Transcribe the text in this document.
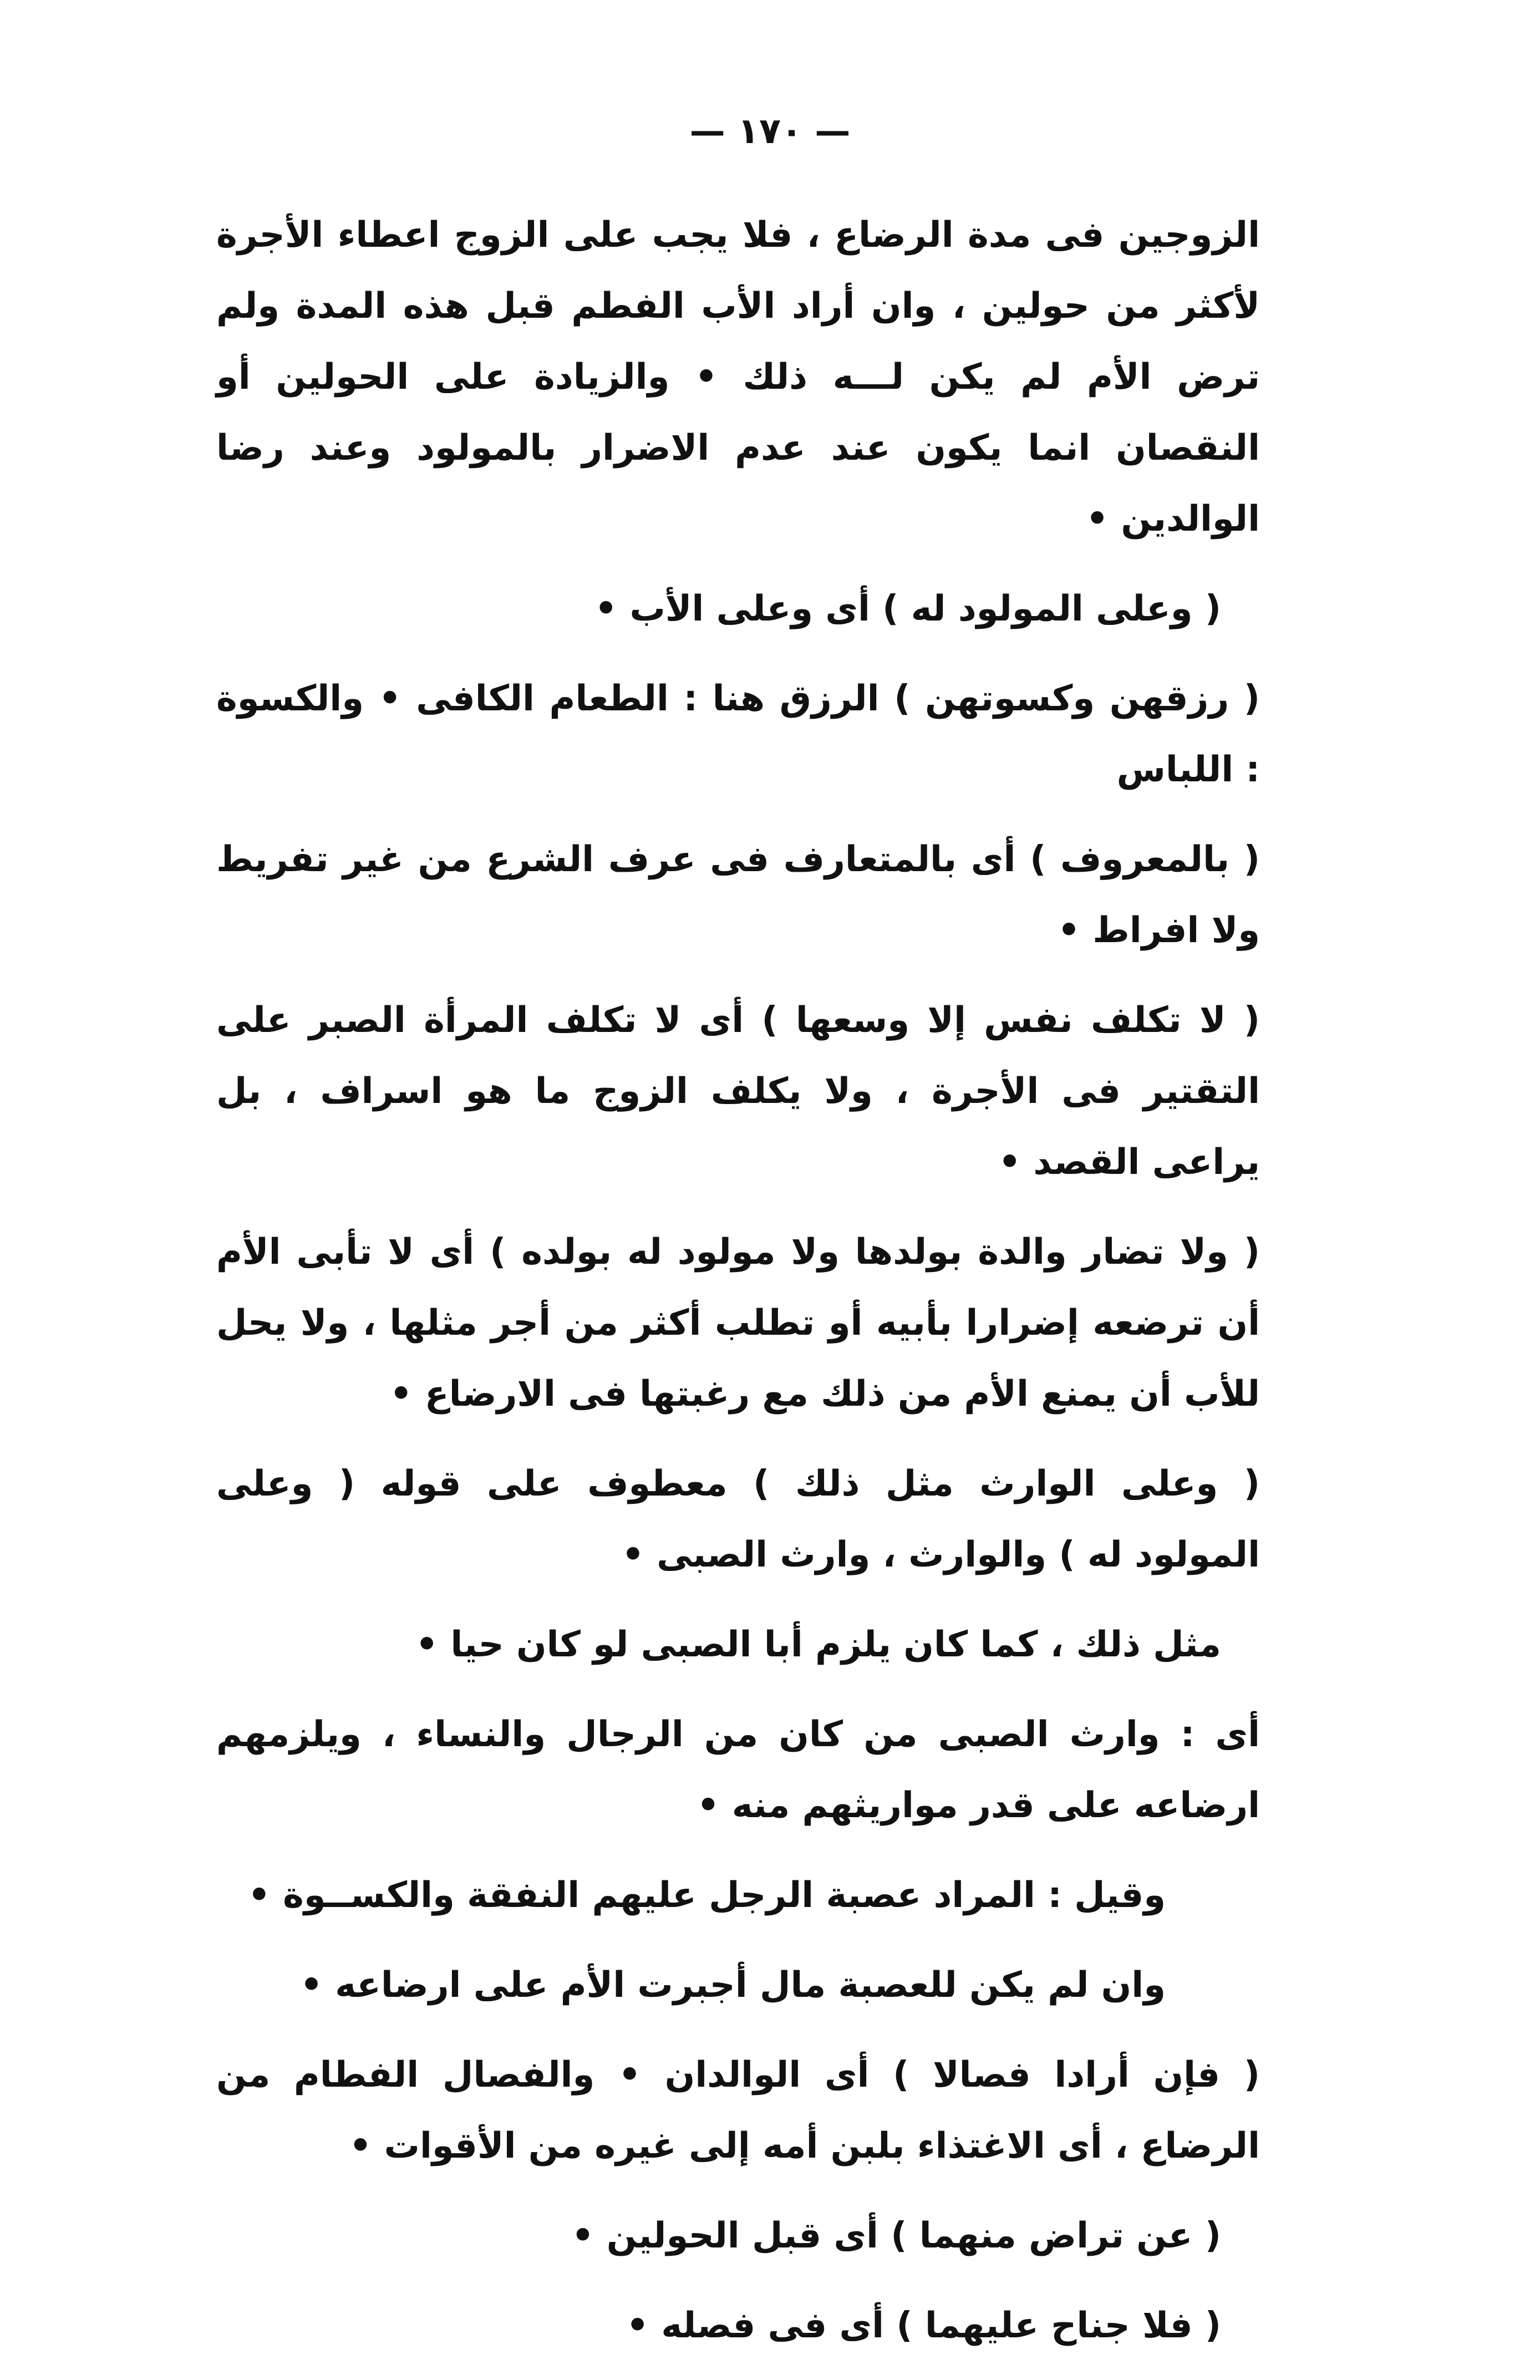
— ١٧٠ —

الزوجين فى مدة الرضاع ، فلا يجب على الزوج اعطاء الأجرة لأكثر من حولين ، وان أراد الأب الفطم قبل هذه المدة ولم ترض الأم لم يكن لـــه ذلك • والزيادة على الحولين أو النقصان انما يكون عند عدم الاضرار بالمولود وعند رضا الوالدين •

( وعلى المولود له ) أى وعلى الأب •

( رزقهن وكسوتهن ) الرزق هنا : الطعام الكافى • والكسوة : اللباس

( بالمعروف ) أى بالمتعارف فى عرف الشرع من غير تفريط ولا افراط •

( لا تكلف نفس إلا وسعها ) أى لا تكلف المرأة الصبر على التقتير فى الأجرة ، ولا يكلف الزوج ما هو اسراف ، بل يراعى القصد •

( ولا تضار والدة بولدها ولا مولود له بولده ) أى لا تأبى الأم أن ترضعه إضرارا بأبيه أو تطلب أكثر من أجر مثلها ، ولا يحل للأب أن يمنع الأم من ذلك مع رغبتها فى الارضاع •

( وعلى الوارث مثل ذلك ) معطوف على قوله ( وعلى المولود له ) والوارث ، وارث الصبى •

مثل ذلك ، كما كان يلزم أبا الصبى لو كان حيا •

أى : وارث الصبى من كان من الرجال والنساء ، ويلزمهم ارضاعه على قدر مواريثهم منه •

وقيل : المراد عصبة الرجل عليهم النفقة والكســوة •

وان لم يكن للعصبة مال أجبرت الأم على ارضاعه •

( فإن أرادا فصالا ) أى الوالدان • والفصال الفطام من الرضاع ، أى الاغتذاء بلبن أمه إلى غيره من الأقوات •

( عن تراض منهما ) أى قبل الحولين •

( فلا جناح عليهما ) أى فى فصله •
